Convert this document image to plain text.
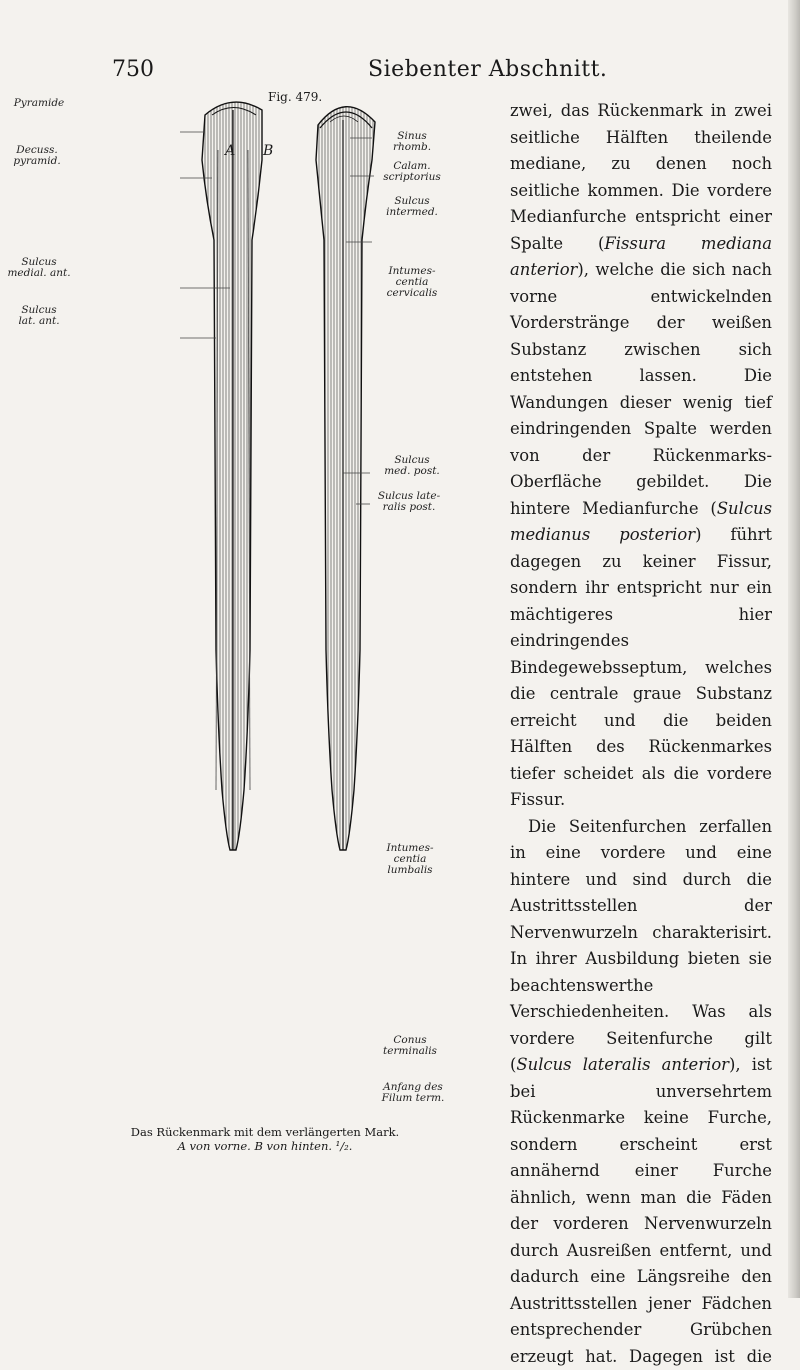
750	Siebenter Abschnitt.
Fig. 479.
Pyramide
Decuss.
pyramid.
Sulcus
medial. ant.
Sulcus
lat. ant.
A B
Sinus
rhomb.
Calam.
scriptorius
Sulcus
intermed.
Intumes-
centia
cervicalis
Sulcus
med. post.
Sulcus late-
ralis post.
Intumes-
centia
lumbalis
Conus
terminalis
Anfang des
Filum term.
Das Rückenmark mit dem verlängerten Mark.
A von vorne. B von hinten. ¹/₂.

zwei, das Rückenmark in zwei seitliche Hälften theilende mediane, zu denen noch seitliche kommen. Die vordere Medianfurche entspricht einer Spalte (Fissura mediana anterior), welche die sich nach vorne entwickelnden Vorderstränge der weißen Substanz zwischen sich entstehen lassen. Die Wandungen dieser wenig tief eindringenden Spalte werden von der Rückenmarks-Oberfläche gebildet. Die hintere Medianfurche (Sulcus medianus posterior) führt dagegen zu keiner Fissur, sondern ihr entspricht nur ein mächtigeres hier eindringendes Bindegewebsseptum, welches die centrale graue Substanz erreicht und die beiden Hälften des Rückenmarkes tiefer scheidet als die vordere Fissur.

Die Seitenfurchen zerfallen in eine vordere und eine hintere und sind durch die Austrittsstellen der Nervenwurzeln charakterisirt. In ihrer Ausbildung bieten sie beachtenswerthe Verschiedenheiten. Was als vordere Seitenfurche gilt (Sulcus lateralis anterior), ist bei unversehrtem Rückenmarke keine Furche, sondern erscheint erst annähernd einer Furche ähnlich, wenn man die Fäden der vorderen Nervenwurzeln durch Ausreißen entfernt, und dadurch eine Längsreihe den Austrittsstellen jener Fädchen entsprechender Grübchen erzeugt hat. Dagegen ist die
